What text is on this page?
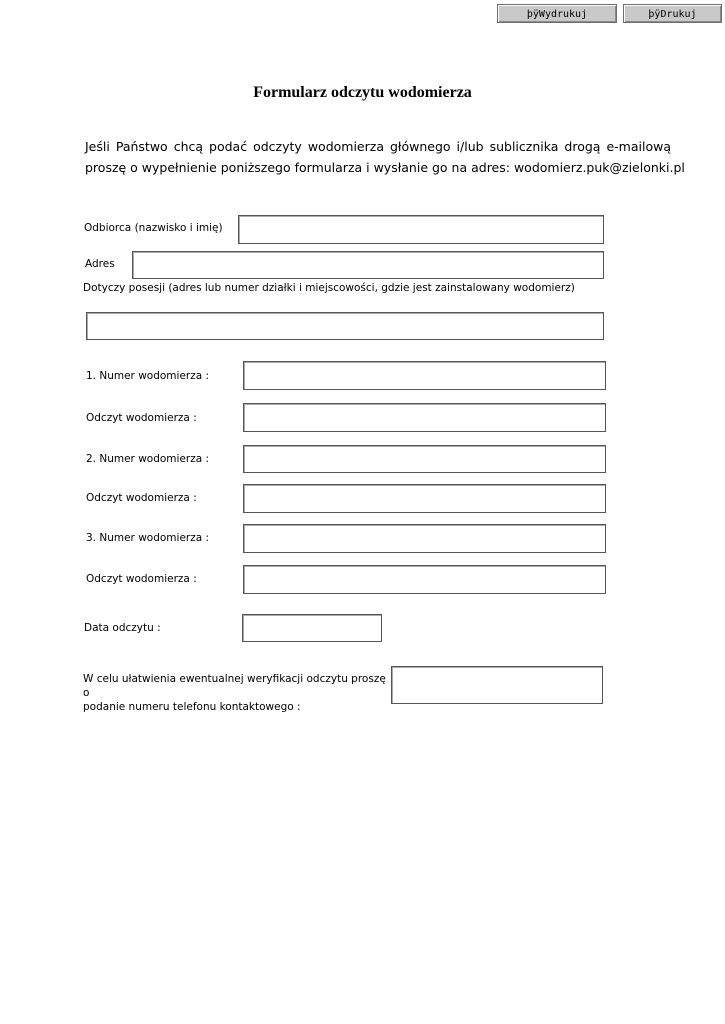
þÿWydrukuj	þÿDrukuj
Formularz odczytu wodomierza
Jeśli Państwo chcą podać odczyty wodomierza głównego i/lub sublicznika drogą e-mailową
proszę o wypełnienie poniższego formularza i wysłanie go na adres: wodomierz.puk@zielonki.pl
Odbiorca (nazwisko i imię)
Adres
Dotyczy posesji (adres lub numer działki i miejscowości, gdzie jest zainstalowany wodomierz)
1. Numer wodomierza :
Odczyt wodomierza :
2. Numer wodomierza :
Odczyt wodomierza :
3. Numer wodomierza :
Odczyt wodomierza :
Data odczytu :
W celu ułatwienia ewentualnej weryfikacji odczytu proszę o
podanie numeru telefonu kontaktowego :
